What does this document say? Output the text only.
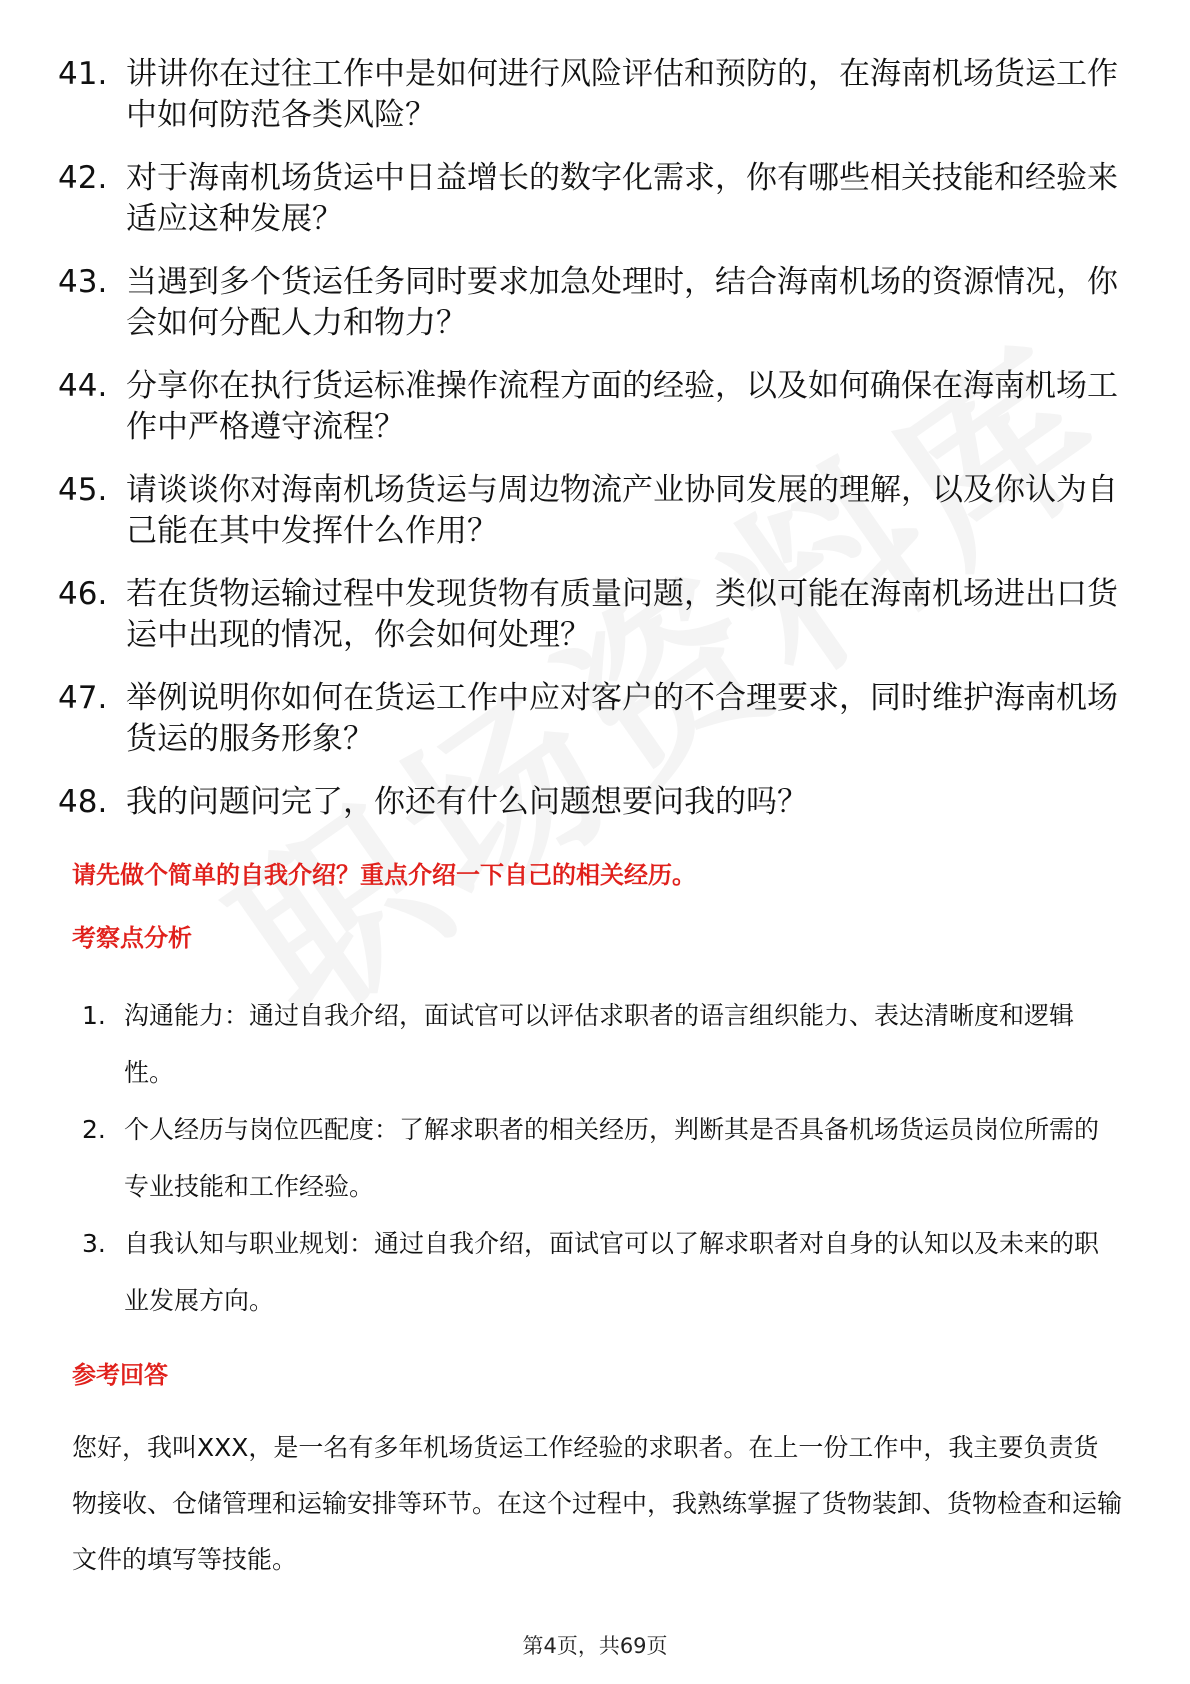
41. 讲讲你在过往工作中是如何进行风险评估和预防的，在海南机场货运工作中如何防范各类风险？
42. 对于海南机场货运中日益增长的数字化需求，你有哪些相关技能和经验来适应这种发展？
43. 当遇到多个货运任务同时要求加急处理时，结合海南机场的资源情况，你会如何分配人力和物力？
44. 分享你在执行货运标准操作流程方面的经验，以及如何确保在海南机场工作中严格遵守流程？
45. 请谈谈你对海南机场货运与周边物流产业协同发展的理解，以及你认为自己能在其中发挥什么作用？
46. 若在货物运输过程中发现货物有质量问题，类似可能在海南机场进出口货运中出现的情况，你会如何处理？
47. 举例说明你如何在货运工作中应对客户的不合理要求，同时维护海南机场货运的服务形象？
48. 我的问题问完了，你还有什么问题想要问我的吗？
请先做个简单的自我介绍？重点介绍一下自己的相关经历。
考察点分析
1. 沟通能力：通过自我介绍，面试官可以评估求职者的语言组织能力、表达清晰度和逻辑性。
2. 个人经历与岗位匹配度：了解求职者的相关经历，判断其是否具备机场货运员岗位所需的专业技能和工作经验。
3. 自我认知与职业规划：通过自我介绍，面试官可以了解求职者对自身的认知以及未来的职业发展方向。
参考回答

您好，我叫XXX，是一名有多年机场货运工作经验的求职者。在上一份工作中，我主要负责货物接收、仓储管理和运输安排等环节。在这个过程中，我熟练掌握了货物装卸、货物检查和运输文件的填写等技能。

第4页，共69页
